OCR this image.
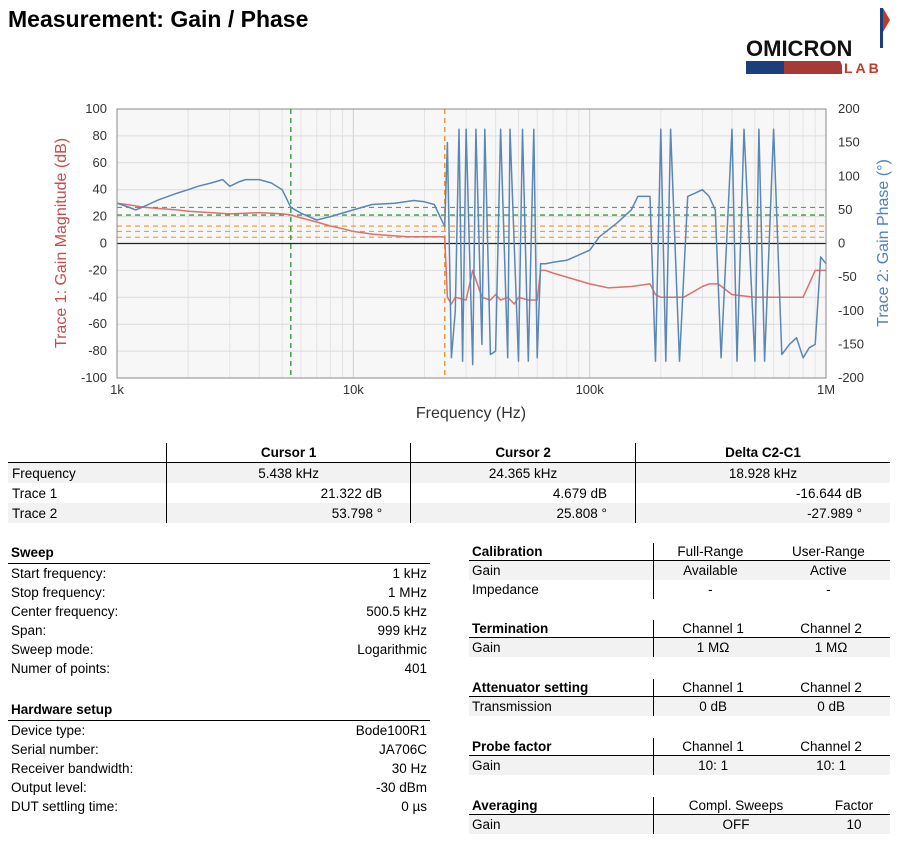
Measurement: Gain / Phase
OMICRON
LAB
1k	10k	100k	1M
-100
-80
-60
-40
-20
0
20
40
60
80
100
-200
-150
-100
-50
0
50
100
150
200
Frequency (Hz)
Trace 1: Gain Magnitude (dB)	Trace 2: Gain Phase (°)
	Cursor 1	Cursor 2	Delta C2-C1
Frequency	5.438 kHz	24.365 kHz	18.928 kHz
Trace 1	21.322 dB	4.679 dB	-16.644 dB
Trace 2	53.798 °	25.808 °	-27.989 °
Sweep	
Start frequency:	1 kHz
Stop frequency:	1 MHz
Center frequency:	500.5 kHz
Span:	999 kHz
Sweep mode:	Logarithmic
Numer of points:	401
Hardware setup	
Device type:	Bode100R1
Serial number:	JA706C
Receiver bandwidth:	30 Hz
Output level:	-30 dBm
DUT settling time:	0 µs
Calibration	Full-Range	User-Range
Gain	Available	Active
Impedance	-	-
Termination	Channel 1	Channel 2
Gain	1 MΩ	1 MΩ
Attenuator setting	Channel 1	Channel 2
Transmission	0 dB	0 dB
Probe factor	Channel 1	Channel 2
Gain	10: 1	10: 1
Averaging	Compl. Sweeps	Factor
Gain	OFF	10
